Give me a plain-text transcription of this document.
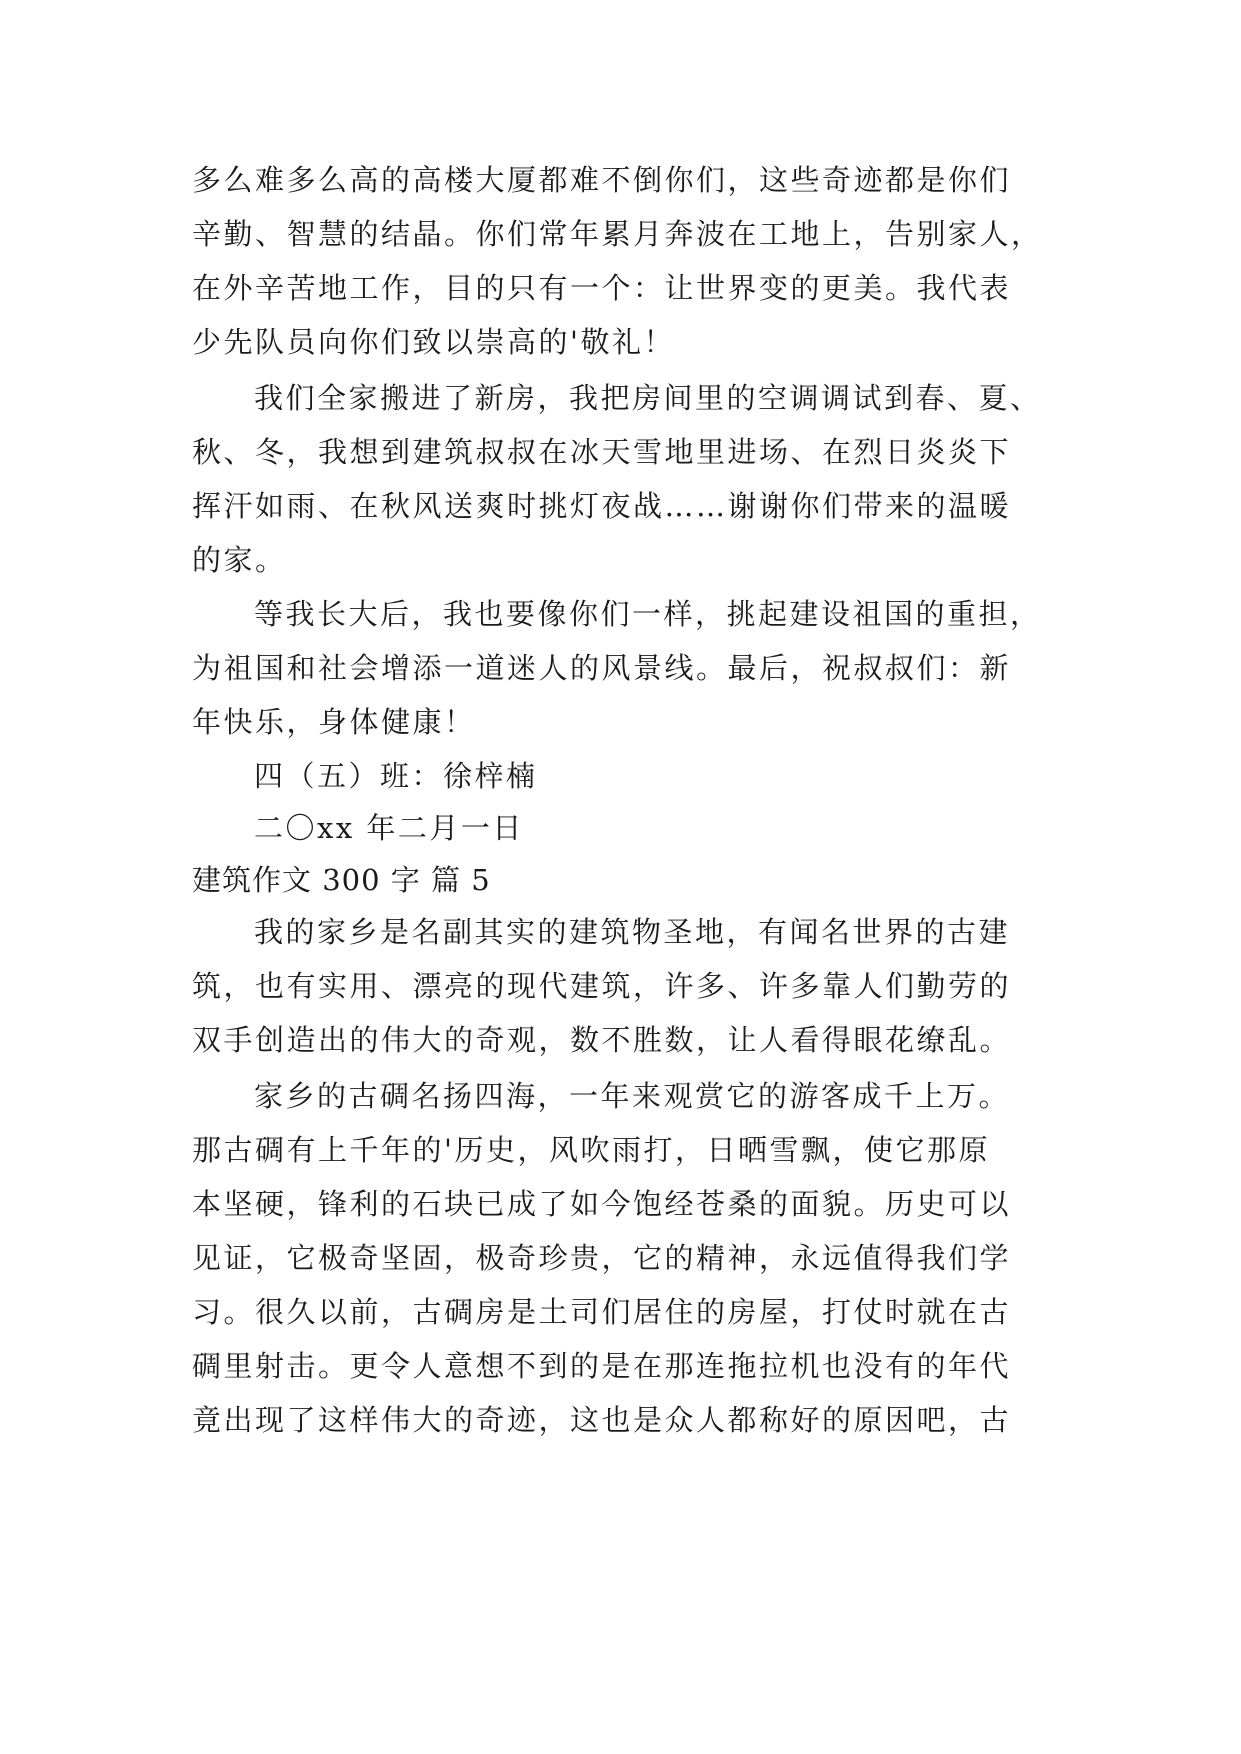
多么难多么高的高楼大厦都难不倒你们，这些奇迹都是你们
辛勤、智慧的结晶。你们常年累月奔波在工地上，告别家人，
在外辛苦地工作，目的只有一个：让世界变的更美。我代表
少先队员向你们致以崇高的'敬礼！
我们全家搬进了新房，我把房间里的空调调试到春、夏、
秋、冬，我想到建筑叔叔在冰天雪地里进场、在烈日炎炎下
挥汗如雨、在秋风送爽时挑灯夜战……谢谢你们带来的温暖
的家。
等我长大后，我也要像你们一样，挑起建设祖国的重担，
为祖国和社会增添一道迷人的风景线。最后，祝叔叔们：新
年快乐，身体健康！
四（五）班：徐梓楠
二〇xx 年二月一日
建筑作文 300 字 篇 5
我的家乡是名副其实的建筑物圣地，有闻名世界的古建
筑，也有实用、漂亮的现代建筑，许多、许多靠人们勤劳的
双手创造出的伟大的奇观，数不胜数，让人看得眼花缭乱。
家乡的古碉名扬四海，一年来观赏它的游客成千上万。
那古碉有上千年的'历史，风吹雨打，日晒雪飘，使它那原
本坚硬，锋利的石块已成了如今饱经苍桑的面貌。历史可以
见证，它极奇坚固，极奇珍贵，它的精神，永远值得我们学
习。很久以前，古碉房是土司们居住的房屋，打仗时就在古
碉里射击。更令人意想不到的是在那连拖拉机也没有的年代
竟出现了这样伟大的奇迹，这也是众人都称好的原因吧，古
